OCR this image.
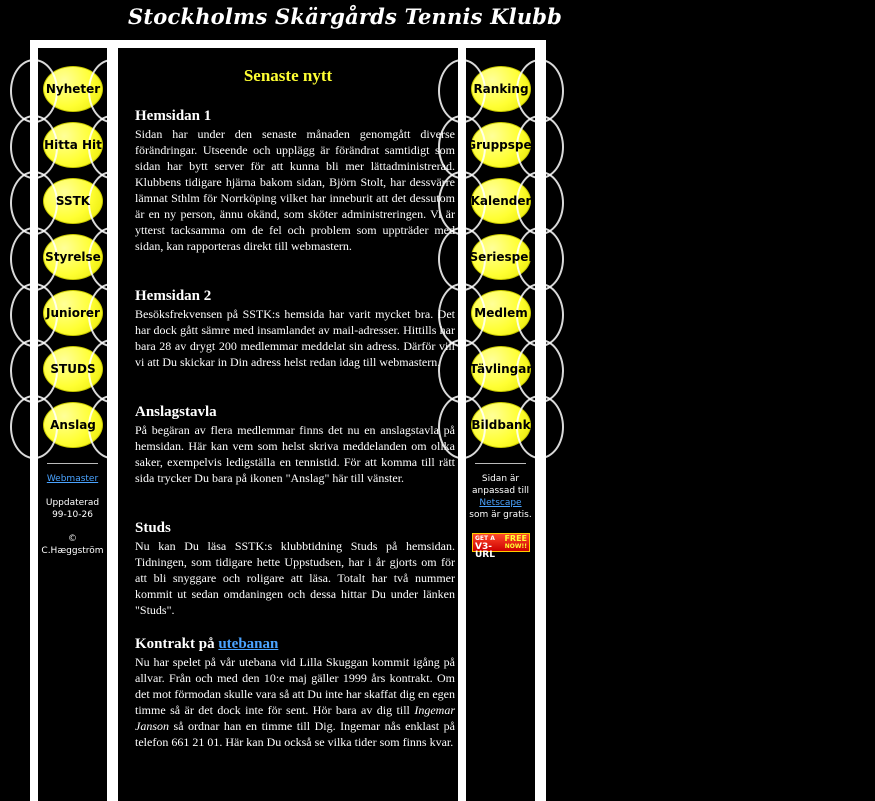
Stockholms Skärgårds Tennis Klubb
Nyheter
Hitta Hit
SSTK
Styrelse
Juniorer
STUDS
Anslag
Webmaster
Uppdaterad
99-10-26
©
C.Hæggström
Senaste nytt
Hemsidan 1

Sidan har under den senaste månaden genomgått diverse förändringar. Utseende och upplägg är förändrat samtidigt som sidan har bytt server för att kunna bli mer lättadministrerad. Klubbens tidigare hjärna bakom sidan, Björn Stolt, har dessvärre lämnat Sthlm för Norrköping vilket har inneburit att det dessutom är en ny person, ännu okänd, som sköter administreringen. Vi är ytterst tacksamma om de fel och problem som uppträder med sidan, kan rapporteras direkt till webmastern.

Hemsidan 2

Besöksfrekvensen på SSTK:s hemsida har varit mycket bra. Det har dock gått sämre med insamlandet av mail-adresser. Hittills har bara 28 av drygt 200 medlemmar meddelat sin adress. Därför vill vi att Du skickar in Din adress helst redan idag till webmastern.

Anslagstavla

På begäran av flera medlemmar finns det nu en anslagstavla på hemsidan. Här kan vem som helst skriva meddelanden om olika saker, exempelvis ledigställa en tennistid. För att komma till rätt sida trycker Du bara på ikonen "Anslag" här till vänster.

Studs

Nu kan Du läsa SSTK:s klubbtidning Studs på hemsidan. Tidningen, som tidigare hette Uppstudsen, har i år gjorts om för att bli snyggare och roligare att läsa. Totalt har två nummer kommit ut sedan omdaningen och dessa hittar Du under länken "Studs".

Kontrakt på utebanan

Nu har spelet på vår utebana vid Lilla Skuggan kommit igång på allvar. Från och med den 10:e maj gäller 1999 års kontrakt. Om det mot förmodan skulle vara så att Du inte har skaffat dig en egen timme så är det dock inte för sent. Hör bara av dig till Ingemar Janson så ordnar han en timme till Dig. Ingemar nås enklast på telefon 661 21 01. Här kan Du också se vilka tider som finns kvar.

Ranking
Gruppspel
Kalender
Seriespel
Medlem
Tävlingar
Bildbank
Sidan är
anpassad till
Netscape
som är gratis.
GET A FREE
V3-URL
NOW!!
